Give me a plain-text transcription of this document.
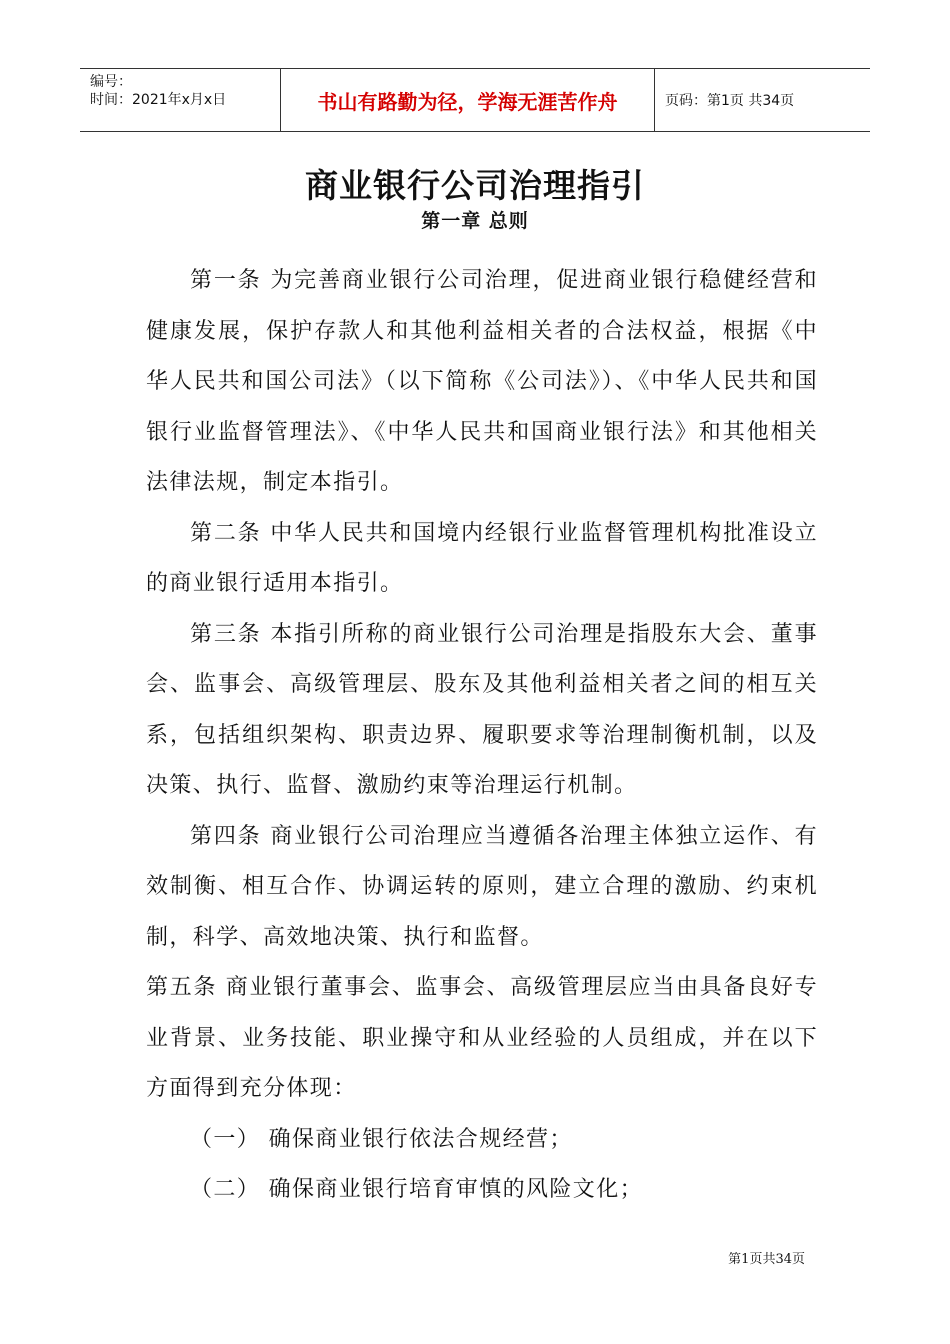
编号：
时间：2021年x月x日	书山有路勤为径，学海无涯苦作舟	页码：第1页 共34页
商业银行公司治理指引
第一章 总则

第一条 为完善商业银行公司治理，促进商业银行稳健经营和健康发展，保护存款人和其他利益相关者的合法权益，根据《中华人民共和国公司法》（以下简称《公司法》）、《中华人民共和国银行业监督管理法》、《中华人民共和国商业银行法》和其他相关法律法规，制定本指引。

第二条 中华人民共和国境内经银行业监督管理机构批准设立的商业银行适用本指引。

第三条 本指引所称的商业银行公司治理是指股东大会、董事会、监事会、高级管理层、股东及其他利益相关者之间的相互关系，包括组织架构、职责边界、履职要求等治理制衡机制，以及决策、执行、监督、激励约束等治理运行机制。

第四条 商业银行公司治理应当遵循各治理主体独立运作、有效制衡、相互合作、协调运转的原则，建立合理的激励、约束机制，科学、高效地决策、执行和监督。

第五条 商业银行董事会、监事会、高级管理层应当由具备良好专业背景、业务技能、职业操守和从业经验的人员组成，并在以下方面得到充分体现：

（一） 确保商业银行依法合规经营；

（二） 确保商业银行培育审慎的风险文化；

第1页共34页
